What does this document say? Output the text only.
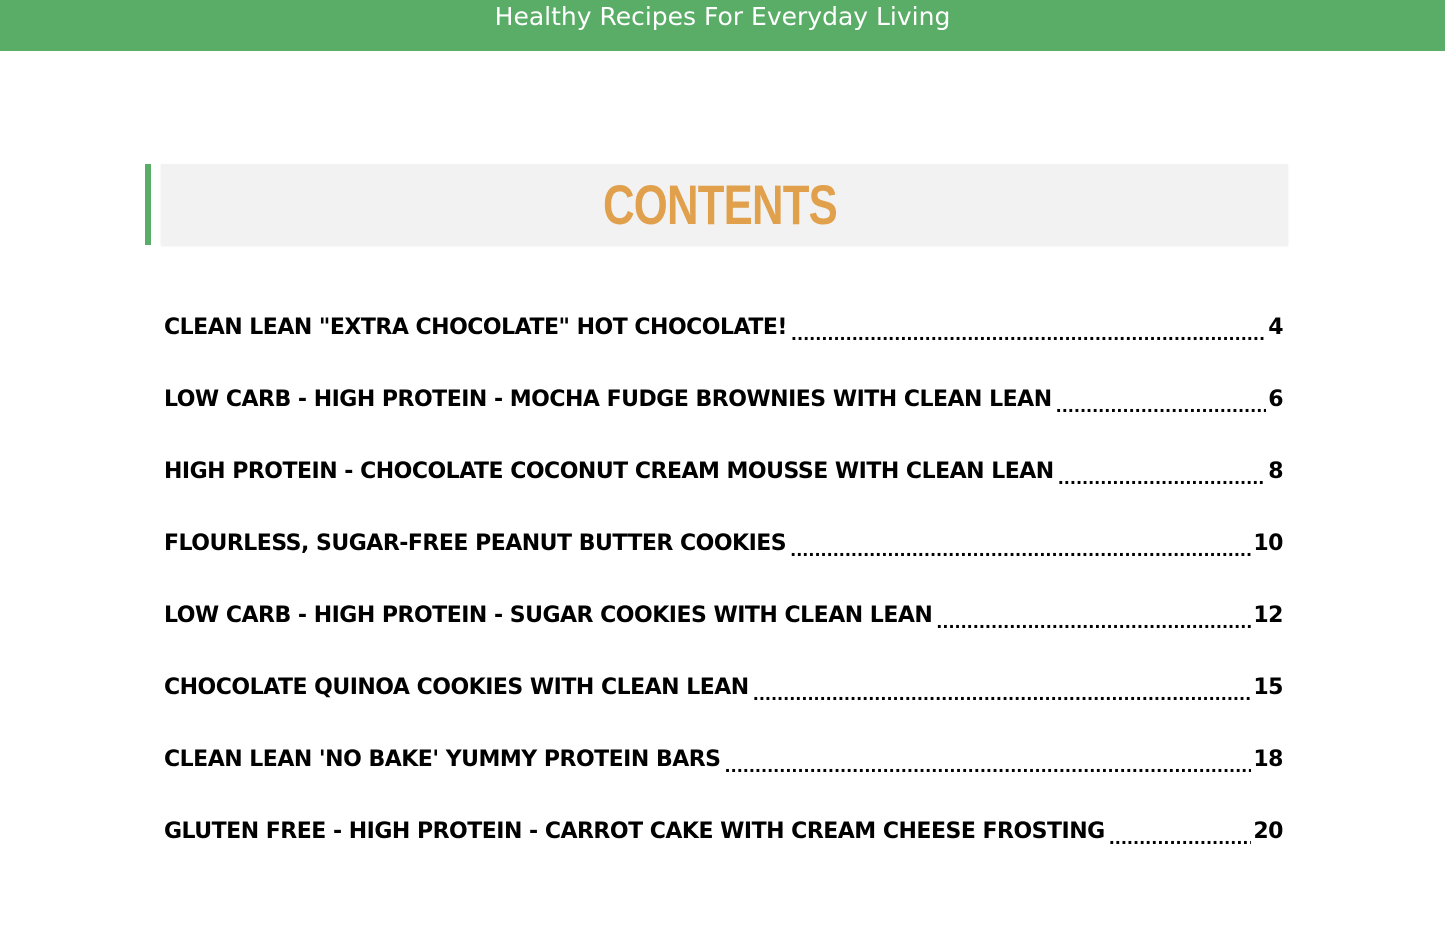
Healthy Recipes For Everyday Living
CONTENTS
CLEAN LEAN "EXTRA CHOCOLATE" HOT CHOCOLATE! .....	4
LOW CARB - HIGH PROTEIN - MOCHA FUDGE BROWNIES WITH CLEAN LEAN .....	6
HIGH PROTEIN - CHOCOLATE COCONUT CREAM MOUSSE WITH CLEAN LEAN .....	8
FLOURLESS, SUGAR-FREE PEANUT BUTTER COOKIES .....	10
LOW CARB - HIGH PROTEIN - SUGAR COOKIES WITH CLEAN LEAN .....	12
CHOCOLATE QUINOA COOKIES WITH CLEAN LEAN .....	15
CLEAN LEAN 'NO BAKE' YUMMY PROTEIN BARS .....	18
GLUTEN FREE - HIGH PROTEIN - CARROT CAKE WITH CREAM CHEESE FROSTING .....	20
